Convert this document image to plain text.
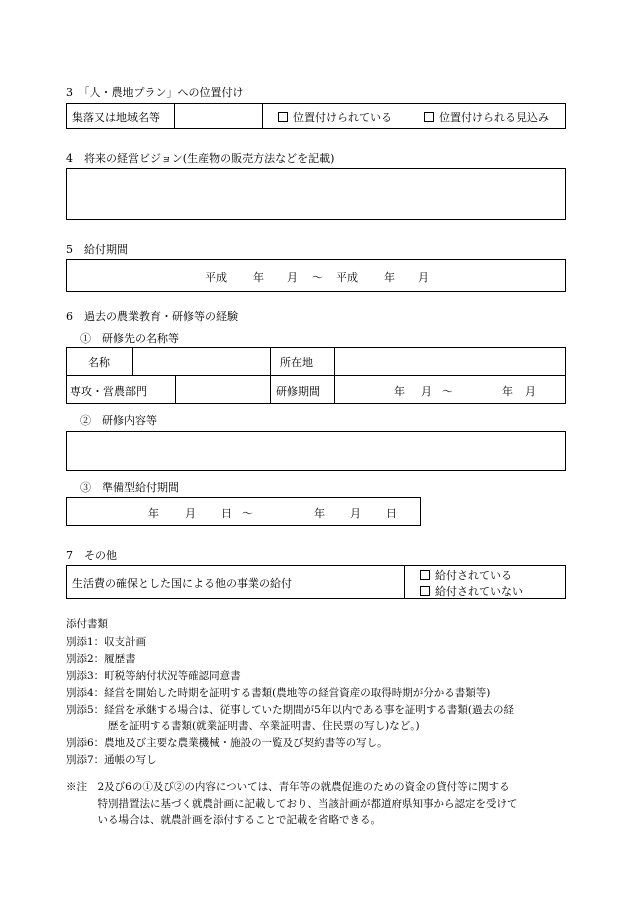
3　「人・農地プラン」への位置付け
集落又は地域名等	位置付けられている	位置付けられる見込み
4　将来の経営ビジョン(生産物の販売方法などを記載)
5　給付期間
平成 年 月 ～ 平成 年 月
6　過去の農業教育・研修等の経験
①　研修先の名称等
名称	所在地
専攻・営農部門	研修期間	年 月 ～	年 月
②　研修内容等
③　準備型給付期間
年 月 日 ～	年 月 日
7　その他
生活費の確保とした国による他の事業の給付
給付されている
給付されていない
添付書類
別添1：収支計画
別添2：履歴書
別添3：町税等納付状況等確認同意書
別添4：経営を開始した時期を証明する書類(農地等の経営資産の取得時期が分かる書類等)
別添5：経営を承継する場合は、従事していた期間が5年以内である事を証明する書類(過去の経
　　　　歴を証明する書類(就業証明書、卒業証明書、住民票の写し)など。)
別添6：農地及び主要な農業機械・施設の一覧及び契約書等の写し。
別添7：通帳の写し
※注　2及び6の①及び②の内容については、青年等の就農促進のための資金の貸付等に関する
　　　特別措置法に基づく就農計画に記載しており、当該計画が都道府県知事から認定を受けて
　　　いる場合は、就農計画を添付することで記載を省略できる。
